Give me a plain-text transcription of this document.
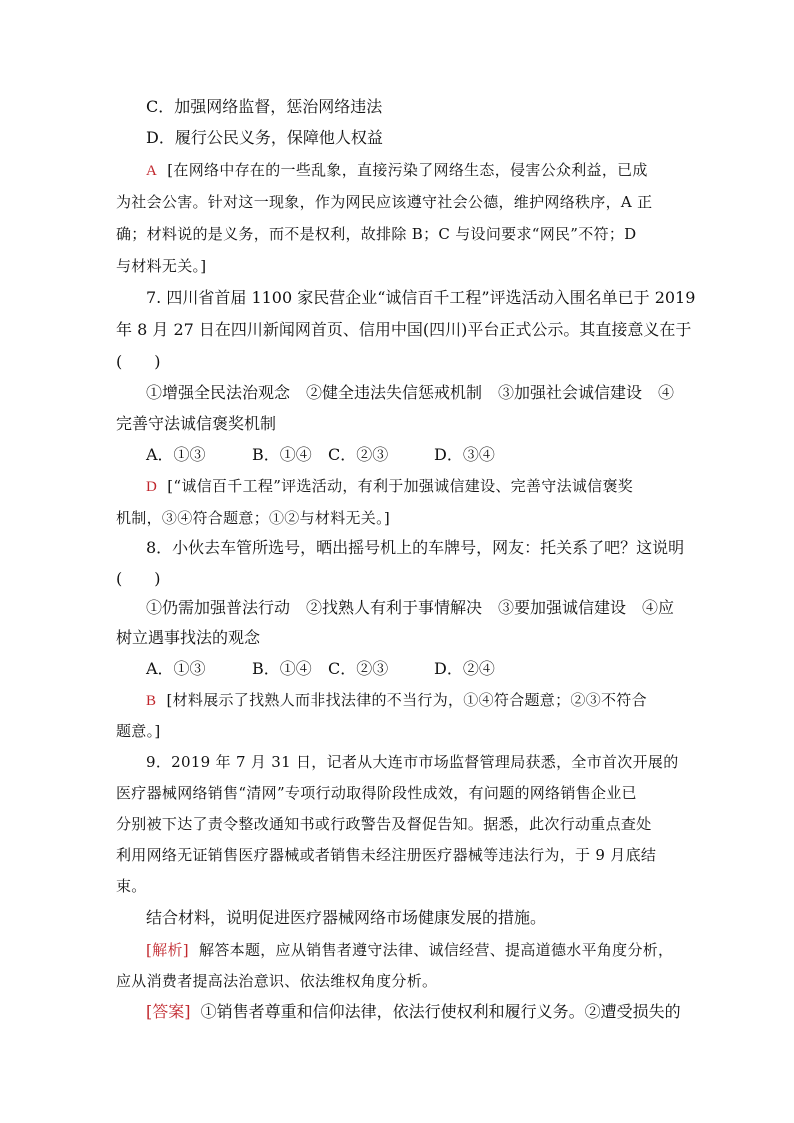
C．加强网络监督，惩治网络违法
D．履行公民义务，保障他人权益
A [在网络中存在的一些乱象，直接污染了网络生态，侵害公众利益，已成
为社会公害。针对这一现象，作为网民应该遵守社会公德，维护网络秩序，A 正
确；材料说的是义务，而不是权利，故排除 B；C 与设问要求“网民”不符；D
与材料无关。]
7. 四川省首届 1100 家民营企业“诚信百千工程”评选活动入围名单已于 2019
年 8 月 27 日在四川新闻网首页、信用中国(四川)平台正式公示。其直接意义在于
(　　)
①增强全民法治观念　②健全违法失信惩戒机制　③加强社会诚信建设　④
完善守法诚信褒奖机制
A．①③	B．①④ C．②③	D．③④
D [“诚信百千工程”评选活动，有利于加强诚信建设、完善守法诚信褒奖
机制，③④符合题意；①②与材料无关。]
8．小伙去车管所选号，晒出摇号机上的车牌号，网友：托关系了吧？这说明
(　　)
①仍需加强普法行动　②找熟人有利于事情解决　③要加强诚信建设　④应
树立遇事找法的观念
A．①③	B．①④ C．②③	D．②④
B [材料展示了找熟人而非找法律的不当行为，①④符合题意；②③不符合
题意。]
9．2019 年 7 月 31 日，记者从大连市市场监督管理局获悉，全市首次开展的
医疗器械网络销售“清网”专项行动取得阶段性成效，有问题的网络销售企业已
分别被下达了责令整改通知书或行政警告及督促告知。据悉，此次行动重点查处
利用网络无证销售医疗器械或者销售未经注册医疗器械等违法行为，于 9 月底结
束。
结合材料，说明促进医疗器械网络市场健康发展的措施。
[解析] 解答本题，应从销售者遵守法律、诚信经营、提高道德水平角度分析，
应从消费者提高法治意识、依法维权角度分析。
[答案] ①销售者尊重和信仰法律，依法行使权利和履行义务。②遭受损失的
